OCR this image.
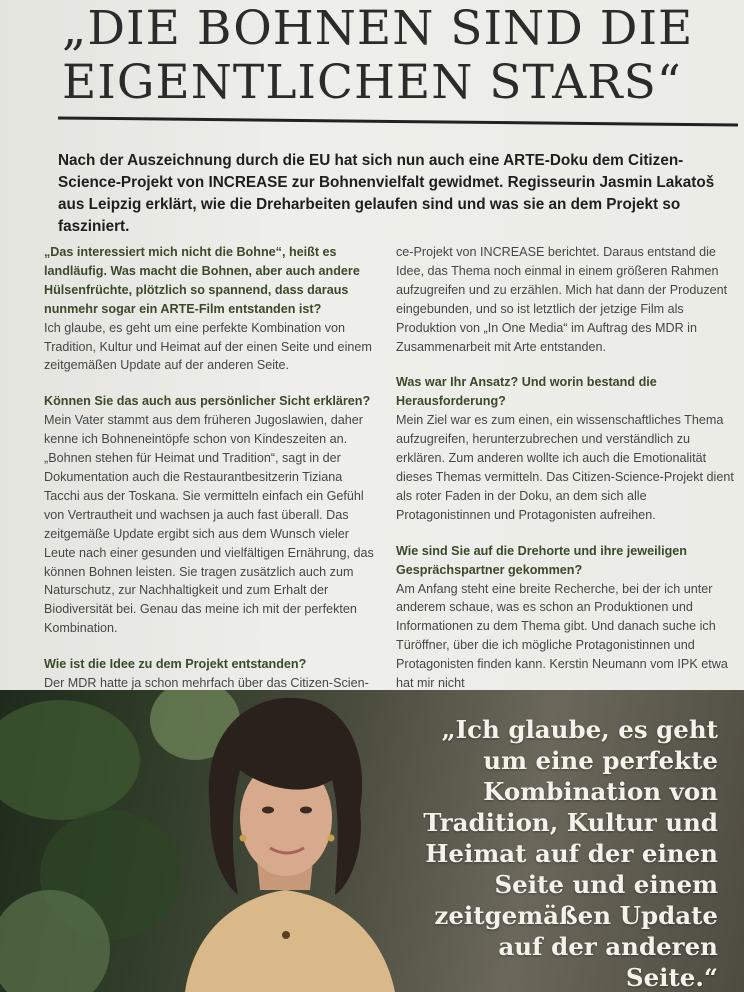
„DIE BOHNEN SIND DIE EIGENTLICHEN STARS“

Nach der Auszeichnung durch die EU hat sich nun auch eine ARTE-Doku dem Citizen-Science-Projekt von INCREASE zur Bohnenvielfalt gewidmet. Regisseurin Jasmin Lakatoš aus Leipzig erklärt, wie die Dreharbeiten gelaufen sind und was sie an dem Projekt so fasziniert.

„Das interessiert mich nicht die Bohne“, heißt es landläufig. Was macht die Bohnen, aber auch andere Hülsenfrüchte, plötzlich so spannend, dass daraus nunmehr sogar ein ARTE-Film entstanden ist?

Ich glaube, es geht um eine perfekte Kombination von Tradition, Kultur und Heimat auf der einen Seite und einem zeitgemäßen Update auf der anderen Seite.

Können Sie das auch aus persönlicher Sicht erklären?

Mein Vater stammt aus dem früheren Jugoslawien, daher kenne ich Bohneneintöpfe schon von Kindeszeiten an. „Bohnen stehen für Heimat und Tradition“, sagt in der Dokumentation auch die Restaurantbesitzerin Tiziana Tacchi aus der Toskana. Sie vermitteln einfach ein Gefühl von Vertrautheit und wachsen ja auch fast überall. Das zeitgemäße Update ergibt sich aus dem Wunsch vieler Leute nach einer gesunden und vielfältigen Ernährung, das können Bohnen leisten. Sie tragen zusätzlich auch zum Naturschutz, zur Nachhaltigkeit und zum Erhalt der Biodiversität bei. Genau das meine ich mit der perfekten Kombination.

Wie ist die Idee zu dem Projekt entstanden?

Der MDR hatte ja schon mehrfach über das Citizen-Scien-

ce-Projekt von INCREASE berichtet. Daraus entstand die Idee, das Thema noch einmal in einem größeren Rahmen aufzugreifen und zu erzählen. Mich hat dann der Produzent eingebunden, und so ist letztlich der jetzige Film als Produktion von „In One Media“ im Auftrag des MDR in Zusammenarbeit mit Arte entstanden.

Was war Ihr Ansatz? Und worin bestand die Herausforderung?

Mein Ziel war es zum einen, ein wissenschaftliches Thema aufzugreifen, herunterzubrechen und verständlich zu erklären. Zum anderen wollte ich auch die Emotionalität dieses Themas vermitteln. Das Citizen-Science-Projekt dient als roter Faden in der Doku, an dem sich alle Protagonistinnen und Protagonisten aufreihen.

Wie sind Sie auf die Drehorte und ihre jeweiligen Gesprächspartner gekommen?

Am Anfang steht eine breite Recherche, bei der ich unter anderem schaue, was es schon an Produktionen und Informationen zu dem Thema gibt. Und danach suche ich Türöffner, über die ich mögliche Protagonistinnen und Protagonisten finden kann. Kerstin Neumann vom IPK etwa hat mir nicht

„Ich glaube, es geht um eine perfekte Kombination von Tradition, Kultur und Heimat auf der einen Seite und einem zeitgemäßen Update auf der anderen Seite.“
